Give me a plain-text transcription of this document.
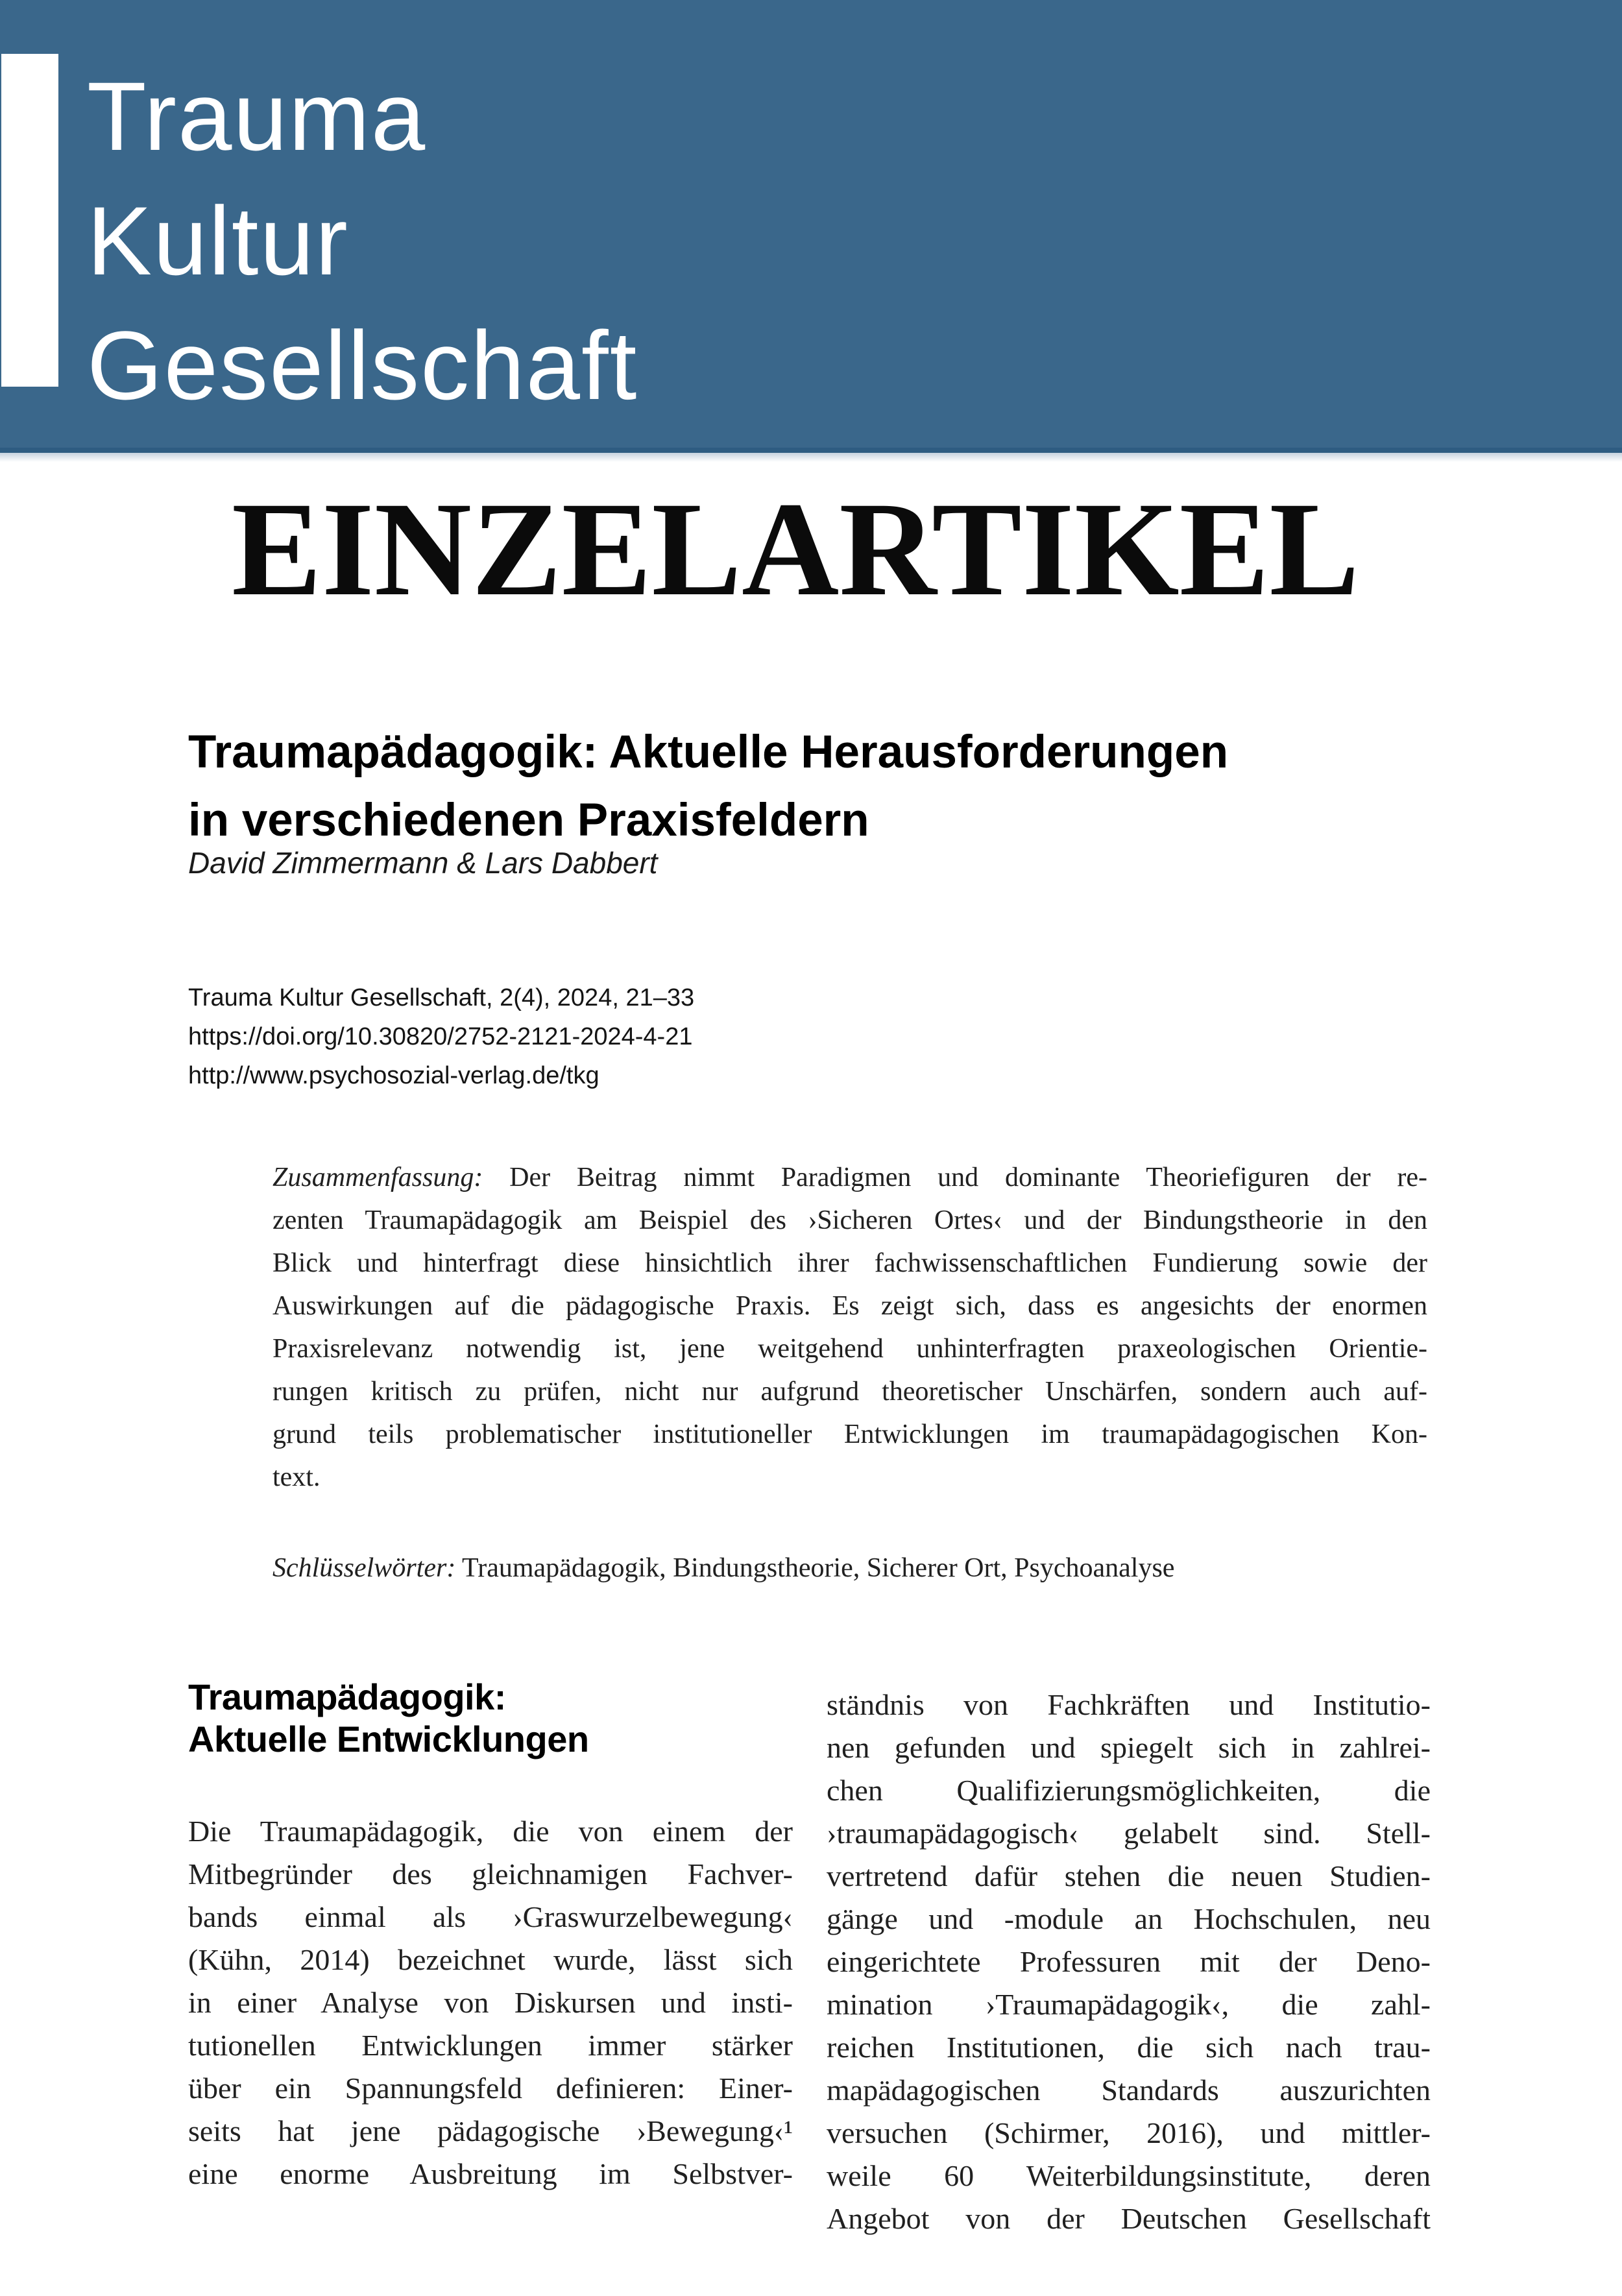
Trauma
Kultur
Gesellschaft
EINZELARTIKEL
Traumapädagogik: Aktuelle Herausforderungen
in verschiedenen Praxisfeldern
David Zimmermann & Lars Dabbert
Trauma Kultur Gesellschaft, 2(4), 2024, 21–33
https://doi.org/10.30820/2752-2121-2024-4-21
http://www.psychosozial-verlag.de/tkg
Zusammenfassung: Der Beitrag nimmt Paradigmen und dominante Theoriefiguren der re-
zenten Traumapädagogik am Beispiel des ›Sicheren Ortes‹ und der Bindungstheorie in den
Blick und hinterfragt diese hinsichtlich ihrer fachwissenschaftlichen Fundierung sowie der
Auswirkungen auf die pädagogische Praxis. Es zeigt sich, dass es angesichts der enormen
Praxisrelevanz notwendig ist, jene weitgehend unhinterfragten praxeologischen Orientie-
rungen kritisch zu prüfen, nicht nur aufgrund theoretischer Unschärfen, sondern auch auf-
grund teils problematischer institutioneller Entwicklungen im traumapädagogischen Kon-
text.
Schlüsselwörter: Traumapädagogik, Bindungstheorie, Sicherer Ort, Psychoanalyse
Traumapädagogik:
Aktuelle Entwicklungen
Die Traumapädagogik, die von einem der
Mitbegründer des gleichnamigen Fachver-
bands einmal als ›Graswurzelbewegung‹
(Kühn, 2014) bezeichnet wurde, lässt sich
in einer Analyse von Diskursen und insti-
tutionellen Entwicklungen immer stärker
über ein Spannungsfeld definieren: Einer-
seits hat jene pädagogische ›Bewegung‹¹
eine enorme Ausbreitung im Selbstver-
ständnis von Fachkräften und Institutio-
nen gefunden und spiegelt sich in zahlrei-
chen Qualifizierungsmöglichkeiten, die
›traumapädagogisch‹ gelabelt sind. Stell-
vertretend dafür stehen die neuen Studien-
gänge und -module an Hochschulen, neu
eingerichtete Professuren mit der Deno-
mination ›Traumapädagogik‹, die zahl-
reichen Institutionen, die sich nach trau-
mapädagogischen Standards auszurichten
versuchen (Schirmer, 2016), und mittler-
weile 60 Weiterbildungsinstitute, deren
Angebot von der Deutschen Gesellschaft
